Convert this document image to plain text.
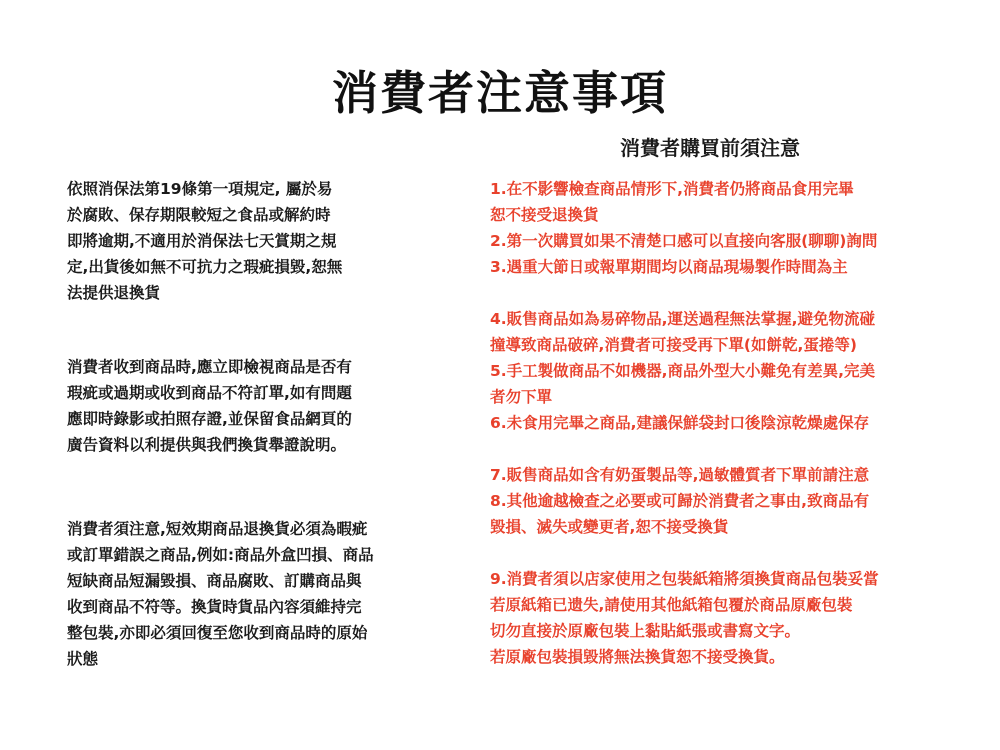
消費者注意事項

依照消保法第19條第一項規定, 屬於易
於腐敗、保存期限較短之食品或解約時
即將逾期,不適用於消保法七天賞期之規
定,出貨後如無不可抗力之瑕疵損毀,恕無
法提供退換貨

消費者收到商品時,應立即檢視商品是否有
瑕疵或過期或收到商品不符訂單,如有問題
應即時錄影或拍照存證,並保留食品網頁的
廣告資料以利提供與我們換貨舉證說明。

消費者須注意,短效期商品退換貨必須為暇疵
或訂單錯誤之商品,例如:商品外盒凹損、商品
短缺商品短漏毀損、商品腐敗、訂購商品與
收到商品不符等。換貨時貨品內容須維持完
整包裝,亦即必須回復至您收到商品時的原始
狀態

消費者購買前須注意

1.在不影響檢查商品情形下,消費者仍將商品食用完畢
恕不接受退換貨

2.第一次購買如果不清楚口感可以直接向客服(聊聊)詢問

3.遇重大節日或報單期間均以商品現場製作時間為主

4.販售商品如為易碎物品,運送過程無法掌握,避免物流碰
撞導致商品破碎,消費者可接受再下單(如餅乾,蛋捲等)

5.手工製做商品不如機器,商品外型大小難免有差異,完美
者勿下單

6.未食用完畢之商品,建議保鮮袋封口後陰涼乾燥處保存

7.販售商品如含有奶蛋製品等,過敏體質者下單前請注意

8.其他逾越檢查之必要或可歸於消費者之事由,致商品有
毀損、滅失或變更者,恕不接受換貨

9.消費者須以店家使用之包裝紙箱將須換貨商品包裝妥當
若原紙箱已遗失,請使用其他紙箱包覆於商品原廠包裝
切勿直接於原廠包裝上黏貼紙張或書寫文字。
若原廠包裝損毀將無法換貨恕不接受換貨。
